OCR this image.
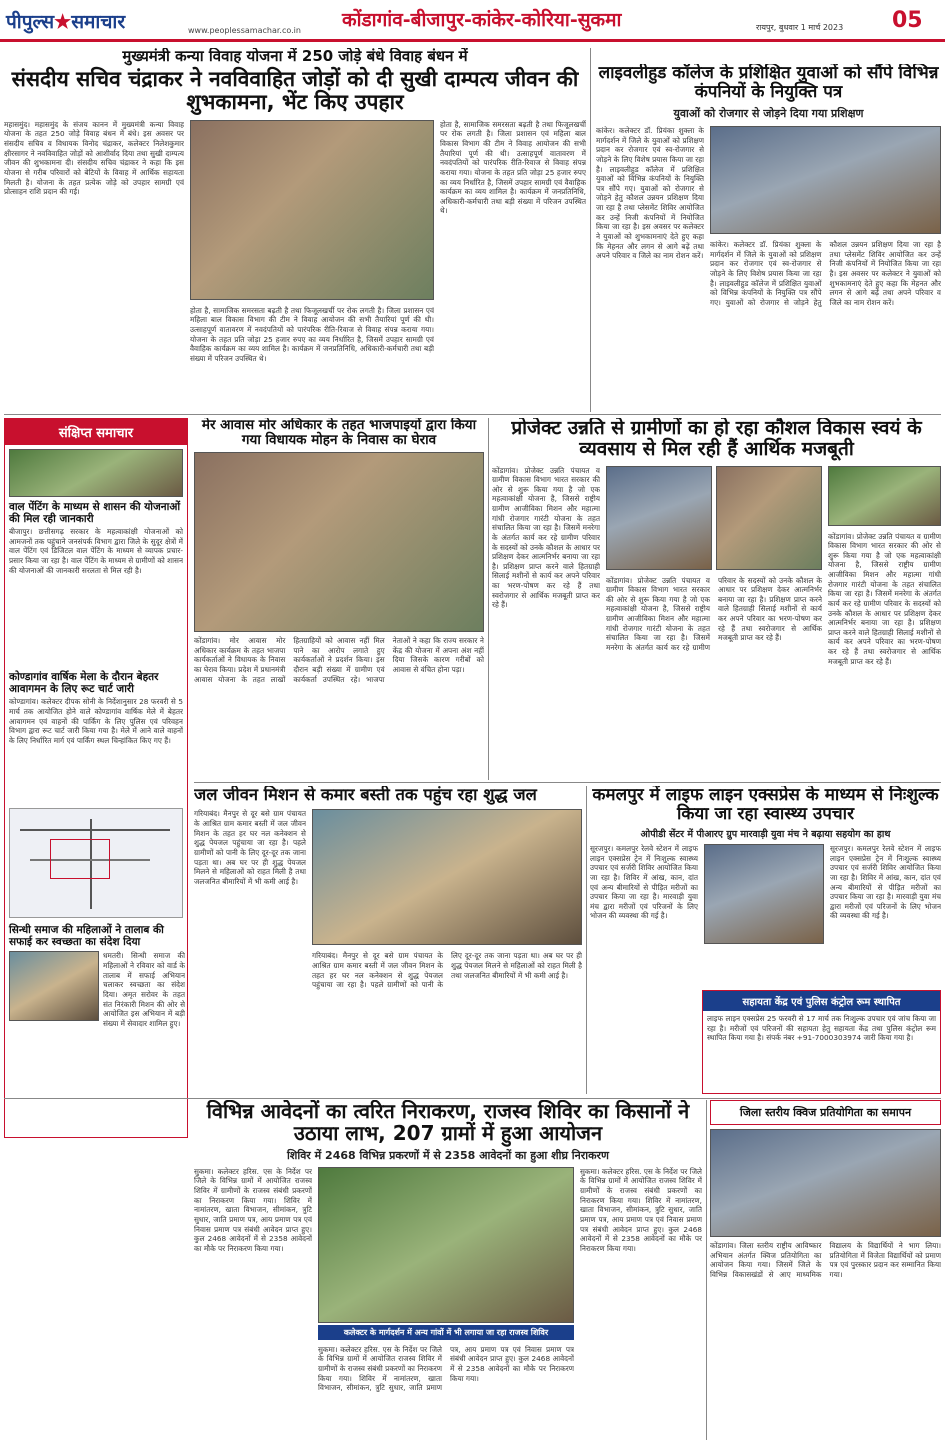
पीपुल्स★समाचार	www.peoplessamachar.co.in कोंडागांव-बीजापुर-कांकेर-कोरिया-सुकमा	रायपुर, बुधवार 1 मार्च 2023 05
मुख्यमंत्री कन्या विवाह योजना में 250 जोड़े बंधे विवाह बंधन में
संसदीय सचिव चंद्राकर ने नवविवाहित जोड़ों को दी सुखी दाम्पत्य जीवन की शुभकामना, भेंट किए उपहार
महासमुंद। महासमुंद के संजय कानन में मुख्यमंत्री कन्या विवाह योजना के तहत 250 जोड़े विवाह बंधन में बंधे। इस अवसर पर संसदीय सचिव व विधायक विनोद चंद्राकर, कलेक्टर निलेशकुमार क्षीरसागर ने नवविवाहित जोड़ों को आशीर्वाद दिया तथा सुखी दाम्पत्य जीवन की शुभकामना दी। संसदीय सचिव चंद्राकर ने कहा कि इस योजना से गरीब परिवारों को बेटियों के विवाह में आर्थिक सहायता मिलती है। योजना के तहत प्रत्येक जोड़े को उपहार सामग्री एवं प्रोत्साहन राशि प्रदान की गई।
होता है, सामाजिक समरसता बढ़ती है तथा फिजूलखर्ची पर रोक लगती है। जिला प्रशासन एवं महिला बाल विकास विभाग की टीम ने विवाह आयोजन की सभी तैयारियां पूर्ण की थी। उत्साहपूर्ण वातावरण में नवदंपतियों को पारंपरिक रीति-रिवाज से विवाह संपन्न कराया गया। योजना के तहत प्रति जोड़ा 25 हजार रुपए का व्यय निर्धारित है, जिसमें उपहार सामग्री एवं वैवाहिक कार्यक्रम का व्यय शामिल है। कार्यक्रम में जनप्रतिनिधि, अधिकारी-कर्मचारी तथा बड़ी संख्या में परिजन उपस्थित थे।
होता है, सामाजिक समरसता बढ़ती है तथा फिजूलखर्ची पर रोक लगती है। जिला प्रशासन एवं महिला बाल विकास विभाग की टीम ने विवाह आयोजन की सभी तैयारियां पूर्ण की थी। उत्साहपूर्ण वातावरण में नवदंपतियों को पारंपरिक रीति-रिवाज से विवाह संपन्न कराया गया। योजना के तहत प्रति जोड़ा 25 हजार रुपए का व्यय निर्धारित है, जिसमें उपहार सामग्री एवं वैवाहिक कार्यक्रम का व्यय शामिल है। कार्यक्रम में जनप्रतिनिधि, अधिकारी-कर्मचारी तथा बड़ी संख्या में परिजन उपस्थित थे।
लाइवलीहुड कॉलेज के प्रशिक्षित युवाओं को सौंपे विभिन्न कंपनियों के नियुक्ति पत्र
युवाओं को रोजगार से जोड़ने दिया गया प्रशिक्षण
कांकेर। कलेक्टर डॉ. प्रियंका शुक्ला के मार्गदर्शन में जिले के युवाओं को प्रशिक्षण प्रदान कर रोजगार एवं स्व-रोजगार से जोड़ने के लिए विशेष प्रयास किया जा रहा है। लाइवलीहुड कॉलेज में प्रशिक्षित युवाओं को विभिन्न कंपनियों के नियुक्ति पत्र सौंपे गए। युवाओं को रोजगार से जोड़ने हेतु कौशल उन्नयन प्रशिक्षण दिया जा रहा है तथा प्लेसमेंट शिविर आयोजित कर उन्हें निजी कंपनियों में नियोजित किया जा रहा है। इस अवसर पर कलेक्टर ने युवाओं को शुभकामनाएं देते हुए कहा कि मेहनत और लगन से आगे बढ़ें तथा अपने परिवार व जिले का नाम रोशन करें।
कांकेर। कलेक्टर डॉ. प्रियंका शुक्ला के मार्गदर्शन में जिले के युवाओं को प्रशिक्षण प्रदान कर रोजगार एवं स्व-रोजगार से जोड़ने के लिए विशेष प्रयास किया जा रहा है। लाइवलीहुड कॉलेज में प्रशिक्षित युवाओं को विभिन्न कंपनियों के नियुक्ति पत्र सौंपे गए। युवाओं को रोजगार से जोड़ने हेतु कौशल उन्नयन प्रशिक्षण दिया जा रहा है तथा प्लेसमेंट शिविर आयोजित कर उन्हें निजी कंपनियों में नियोजित किया जा रहा है। इस अवसर पर कलेक्टर ने युवाओं को शुभकामनाएं देते हुए कहा कि मेहनत और लगन से आगे बढ़ें तथा अपने परिवार व जिले का नाम रोशन करें।
संक्षिप्त समाचार
वाल पेंटिंग के माध्यम से शासन की योजनाओं की मिल रही जानकारी
बीजापुर। छत्तीसगढ़ सरकार के महत्वाकांक्षी योजनाओं को आमजनों तक पहुंचाने जनसंपर्क विभाग द्वारा जिले के सुदूर क्षेत्रों में वाल पेंटिंग एवं डिजिटल वाल पेंटिंग के माध्यम से व्यापक प्रचार-प्रसार किया जा रहा है। वाल पेंटिंग के माध्यम से ग्रामीणों को शासन की योजनाओं की जानकारी सरलता से मिल रही है।
कोण्डागांव वार्षिक मेला के दौरान बेहतर आवागमन के लिए रूट चार्ट जारी
कोण्डागांव। कलेक्टर दीपक सोनी के निर्देशानुसार 28 फरवरी से 5 मार्च तक आयोजित होने वाले कोण्डागांव वार्षिक मेले में बेहतर आवागमन एवं वाहनों की पार्किंग के लिए पुलिस एवं परिवहन विभाग द्वारा रूट चार्ट जारी किया गया है। मेले में आने वाले वाहनों के लिए निर्धारित मार्ग एवं पार्किंग स्थल चिन्हांकित किए गए हैं।
सिन्धी समाज की महिलाओं ने तालाब की सफाई कर स्वच्छता का संदेश दिया
धमतरी। सिन्धी समाज की महिलाओं ने रविवार को वार्ड के तालाब में सफाई अभियान चलाकर स्वच्छता का संदेश दिया। अमृत सरोवर के तहत संत निरंकारी मिशन की ओर से आयोजित इस अभियान में बड़ी संख्या में सेवादार शामिल हुए।
मेर आवास मोर अधिकार के तहत भाजपाइयों द्वारा किया गया विधायक मोहन के निवास का घेराव
कोंडागांव। मोर आवास मोर अधिकार कार्यक्रम के तहत भाजपा कार्यकर्ताओं ने विधायक के निवास का घेराव किया। प्रदेश में प्रधानमंत्री आवास योजना के तहत लाखों हितग्राहियों को आवास नहीं मिल पाने का आरोप लगाते हुए कार्यकर्ताओं ने प्रदर्शन किया। इस दौरान बड़ी संख्या में ग्रामीण एवं कार्यकर्ता उपस्थित रहे। भाजपा नेताओं ने कहा कि राज्य सरकार ने केंद्र की योजना में अपना अंश नहीं दिया जिसके कारण गरीबों को आवास से वंचित होना पड़ा।
प्रोजेक्ट उन्नति से ग्रामीणों का हो रहा कौशल विकास स्वयं के व्यवसाय से मिल रही हैं आर्थिक मजबूती
कोंडागांव। प्रोजेक्ट उन्नति पंचायत व ग्रामीण विकास विभाग भारत सरकार की ओर से शुरू किया गया है जो एक महत्वाकांक्षी योजना है, जिससे राष्ट्रीय ग्रामीण आजीविका मिशन और महात्मा गांधी रोजगार गारंटी योजना के तहत संचालित किया जा रहा है। जिसमें मनरेगा के अंतर्गत कार्य कर रहे ग्रामीण परिवार के सदस्यों को उनके कौशल के आधार पर प्रशिक्षण देकर आत्मनिर्भर बनाया जा रहा है। प्रशिक्षण प्राप्त करने वाले हितग्राही सिलाई मशीनों से कार्य कर अपने परिवार का भरण-पोषण कर रहे हैं तथा स्वरोजगार से आर्थिक मजबूती प्राप्त कर रहे हैं।
कोंडागांव। प्रोजेक्ट उन्नति पंचायत व ग्रामीण विकास विभाग भारत सरकार की ओर से शुरू किया गया है जो एक महत्वाकांक्षी योजना है, जिससे राष्ट्रीय ग्रामीण आजीविका मिशन और महात्मा गांधी रोजगार गारंटी योजना के तहत संचालित किया जा रहा है। जिसमें मनरेगा के अंतर्गत कार्य कर रहे ग्रामीण परिवार के सदस्यों को उनके कौशल के आधार पर प्रशिक्षण देकर आत्मनिर्भर बनाया जा रहा है। प्रशिक्षण प्राप्त करने वाले हितग्राही सिलाई मशीनों से कार्य कर अपने परिवार का भरण-पोषण कर रहे हैं तथा स्वरोजगार से आर्थिक मजबूती प्राप्त कर रहे हैं।
कोंडागांव। प्रोजेक्ट उन्नति पंचायत व ग्रामीण विकास विभाग भारत सरकार की ओर से शुरू किया गया है जो एक महत्वाकांक्षी योजना है, जिससे राष्ट्रीय ग्रामीण आजीविका मिशन और महात्मा गांधी रोजगार गारंटी योजना के तहत संचालित किया जा रहा है। जिसमें मनरेगा के अंतर्गत कार्य कर रहे ग्रामीण परिवार के सदस्यों को उनके कौशल के आधार पर प्रशिक्षण देकर आत्मनिर्भर बनाया जा रहा है। प्रशिक्षण प्राप्त करने वाले हितग्राही सिलाई मशीनों से कार्य कर अपने परिवार का भरण-पोषण कर रहे हैं तथा स्वरोजगार से आर्थिक मजबूती प्राप्त कर रहे हैं।
जल जीवन मिशन से कमार बस्ती तक पहुंच रहा शुद्ध जल
गरियाबंद। मैनपुर से दूर बसे ग्राम पंचायत के आश्रित ग्राम कमार बस्ती में जल जीवन मिशन के तहत हर घर नल कनेक्शन से शुद्ध पेयजल पहुंचाया जा रहा है। पहले ग्रामीणों को पानी के लिए दूर-दूर तक जाना पड़ता था। अब घर पर ही शुद्ध पेयजल मिलने से महिलाओं को राहत मिली है तथा जलजनित बीमारियों में भी कमी आई है।
गरियाबंद। मैनपुर से दूर बसे ग्राम पंचायत के आश्रित ग्राम कमार बस्ती में जल जीवन मिशन के तहत हर घर नल कनेक्शन से शुद्ध पेयजल पहुंचाया जा रहा है। पहले ग्रामीणों को पानी के लिए दूर-दूर तक जाना पड़ता था। अब घर पर ही शुद्ध पेयजल मिलने से महिलाओं को राहत मिली है तथा जलजनित बीमारियों में भी कमी आई है।
कमलपुर में लाइफ लाइन एक्सप्रेस के माध्यम से निःशुल्क किया जा रहा स्वास्थ्य उपचार
ओपीडी सेंटर में पीआरए ग्रुप मारवाड़ी युवा मंच ने बढ़ाया सहयोग का हाथ
सूरजपुर। कमलपुर रेलवे स्टेशन में लाइफ लाइन एक्सप्रेस ट्रेन में निःशुल्क स्वास्थ्य उपचार एवं सर्जरी शिविर आयोजित किया जा रहा है। शिविर में आंख, कान, दांत एवं अन्य बीमारियों से पीड़ित मरीजों का उपचार किया जा रहा है। मारवाड़ी युवा मंच द्वारा मरीजों एवं परिजनों के लिए भोजन की व्यवस्था की गई है।
सूरजपुर। कमलपुर रेलवे स्टेशन में लाइफ लाइन एक्सप्रेस ट्रेन में निःशुल्क स्वास्थ्य उपचार एवं सर्जरी शिविर आयोजित किया जा रहा है। शिविर में आंख, कान, दांत एवं अन्य बीमारियों से पीड़ित मरीजों का उपचार किया जा रहा है। मारवाड़ी युवा मंच द्वारा मरीजों एवं परिजनों के लिए भोजन की व्यवस्था की गई है।
सहायता केंद्र एवं पुलिस कंट्रोल रूम स्थापित
लाइफ लाइन एक्सप्रेस 25 फरवरी से 17 मार्च तक निःशुल्क उपचार एवं जांच किया जा रहा है। मरीजों एवं परिजनों की सहायता हेतु सहायता केंद्र तथा पुलिस कंट्रोल रूम स्थापित किया गया है। संपर्क नंबर +91-7000303974 जारी किया गया है।
विभिन्न आवेदनों का त्वरित निराकरण, राजस्व शिविर का किसानों ने उठाया लाभ, 207 ग्रामों में हुआ आयोजन
शिविर में 2468 विभिन्न प्रकरणों में से 2358 आवेदनों का हुआ शीघ्र निराकरण
सुकमा। कलेक्टर हरिस. एस के निर्देश पर जिले के विभिन्न ग्रामों में आयोजित राजस्व शिविर में ग्रामीणों के राजस्व संबंधी प्रकरणों का निराकरण किया गया। शिविर में नामांतरण, खाता विभाजन, सीमांकन, त्रुटि सुधार, जाति प्रमाण पत्र, आय प्रमाण पत्र एवं निवास प्रमाण पत्र संबंधी आवेदन प्राप्त हुए। कुल 2468 आवेदनों में से 2358 आवेदनों का मौके पर निराकरण किया गया।
कलेक्टर के मार्गदर्शन में अन्य गांवों में भी लगाया जा रहा राजस्व शिविर
सुकमा। कलेक्टर हरिस. एस के निर्देश पर जिले के विभिन्न ग्रामों में आयोजित राजस्व शिविर में ग्रामीणों के राजस्व संबंधी प्रकरणों का निराकरण किया गया। शिविर में नामांतरण, खाता विभाजन, सीमांकन, त्रुटि सुधार, जाति प्रमाण पत्र, आय प्रमाण पत्र एवं निवास प्रमाण पत्र संबंधी आवेदन प्राप्त हुए। कुल 2468 आवेदनों में से 2358 आवेदनों का मौके पर निराकरण किया गया।
सुकमा। कलेक्टर हरिस. एस के निर्देश पर जिले के विभिन्न ग्रामों में आयोजित राजस्व शिविर में ग्रामीणों के राजस्व संबंधी प्रकरणों का निराकरण किया गया। शिविर में नामांतरण, खाता विभाजन, सीमांकन, त्रुटि सुधार, जाति प्रमाण पत्र, आय प्रमाण पत्र एवं निवास प्रमाण पत्र संबंधी आवेदन प्राप्त हुए। कुल 2468 आवेदनों में से 2358 आवेदनों का मौके पर निराकरण किया गया।
जिला स्तरीय क्विज प्रतियोगिता का समापन
कोंडागांव। जिला स्तरीय राष्ट्रीय आविष्कार अभियान अंतर्गत क्विज प्रतियोगिता का आयोजन किया गया। जिसमें जिले के विभिन्न विकासखंडों से आए माध्यमिक विद्यालय के विद्यार्थियों ने भाग लिया। प्रतियोगिता में विजेता विद्यार्थियों को प्रमाण पत्र एवं पुरस्कार प्रदान कर सम्मानित किया गया।
